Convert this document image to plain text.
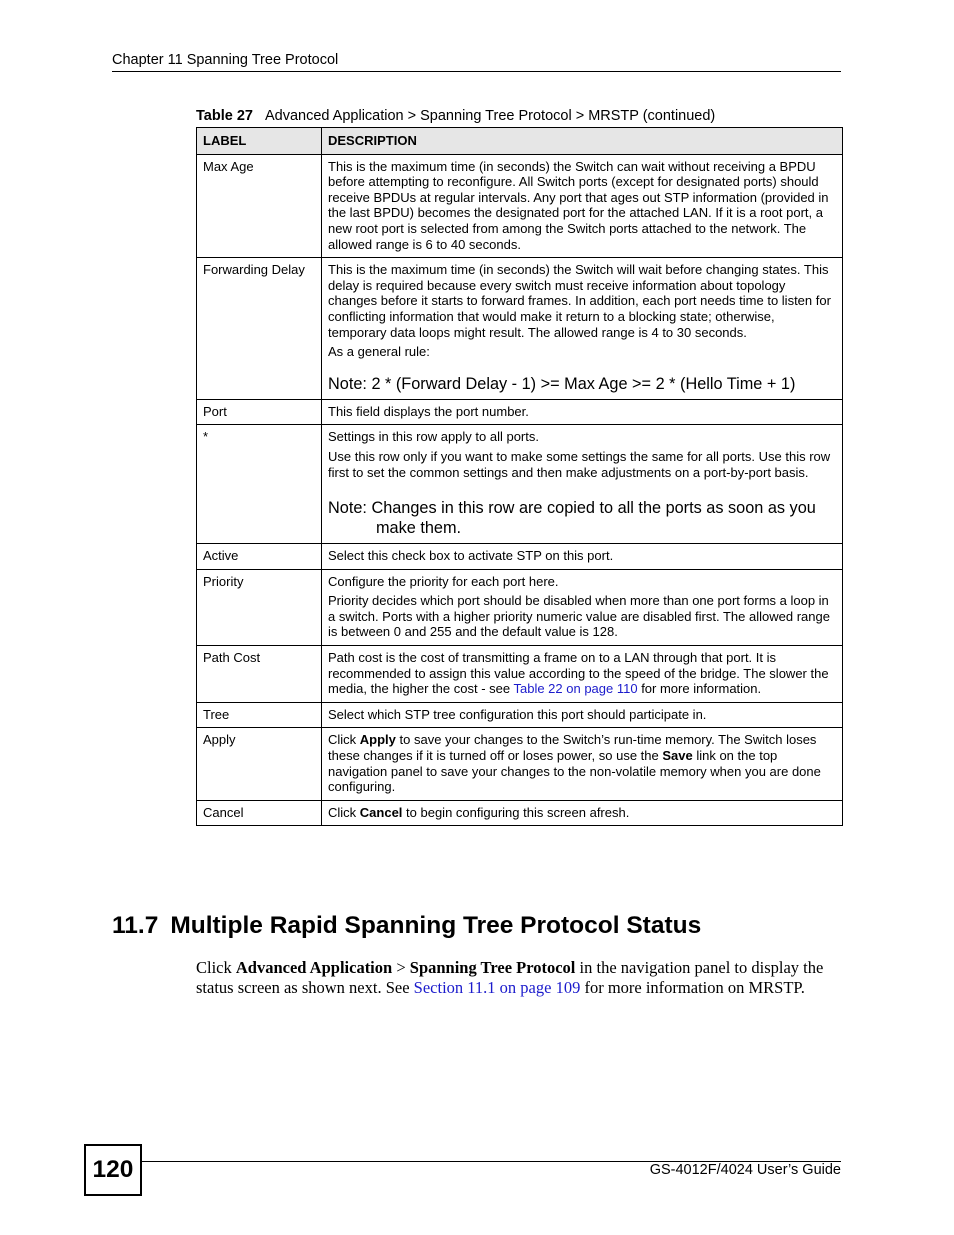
Chapter 11 Spanning Tree Protocol
Table 27 Advanced Application > Spanning Tree Protocol > MRSTP (continued)
LABEL	DESCRIPTION
Max Age	This is the maximum time (in seconds) the Switch can wait without receiving a BPDU before attempting to reconfigure. All Switch ports (except for designated ports) should receive BPDUs at regular intervals. Any port that ages out STP information (provided in the last BPDU) becomes the designated port for the attached LAN. If it is a root port, a new root port is selected from among the Switch ports attached to the network. The allowed range is 6 to 40 seconds.

Forwarding Delay	This is the maximum time (in seconds) the Switch will wait before changing states. This delay is required because every switch must receive information about topology changes before it starts to forward frames. In addition, each port needs time to listen for conflicting information that would make it return to a blocking state; otherwise, temporary data loops might result. The allowed range is 4 to 30 seconds.

As a general rule:

Note: 2 * (Forward Delay - 1) >= Max Age >= 2 * (Hello Time + 1)

Port	This field displays the port number.

*	Settings in this row apply to all ports.

Use this row only if you want to make some settings the same for all ports. Use this row first to set the common settings and then make adjustments on a port-by-port basis.

Note: Changes in this row are copied to all the ports as soon as you make them.

Active	Select this check box to activate STP on this port.

Priority	Configure the priority for each port here.

Priority decides which port should be disabled when more than one port forms a loop in a switch. Ports with a higher priority numeric value are disabled first. The allowed range is between 0 and 255 and the default value is 128.

Path Cost	Path cost is the cost of transmitting a frame on to a LAN through that port. It is recommended to assign this value according to the speed of the bridge. The slower the media, the higher the cost - see Table 22 on page 110 for more information.

Tree	Select which STP tree configuration this port should participate in.

Apply	Click Apply to save your changes to the Switch’s run-time memory. The Switch loses these changes if it is turned off or loses power, so use the Save link on the top navigation panel to save your changes to the non-volatile memory when you are done configuring.

Cancel	Click Cancel to begin configuring this screen afresh.

11.7 Multiple Rapid Spanning Tree Protocol Status

Click Advanced Application > Spanning Tree Protocol in the navigation panel to display the status screen as shown next. See Section 11.1 on page 109 for more information on MRSTP.

120	GS-4012F/4024 User’s Guide
